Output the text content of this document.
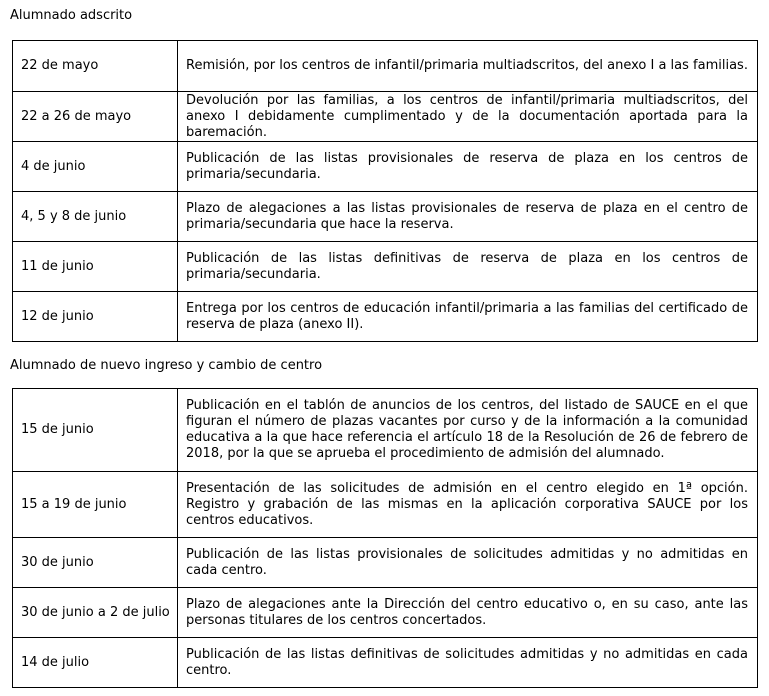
Alumnado adscrito
22 de mayo	Remisión, por los centros de infantil/primaria multiadscritos, del anexo I a las familias.
22 a 26 de mayo	Devolución por las familias, a los centros de infantil/primaria multiadscritos, del anexo I debidamente cumplimentado y de la documentación aportada para la baremación.
4 de junio	Publicación de las listas provisionales de reserva de plaza en los centros de primaria/secundaria.
4, 5 y 8 de junio	Plazo de alegaciones a las listas provisionales de reserva de plaza en el centro de primaria/secundaria que hace la reserva.
11 de junio	Publicación de las listas definitivas de reserva de plaza en los centros de primaria/secundaria.
12 de junio	Entrega por los centros de educación infantil/primaria a las familias del certificado de reserva de plaza (anexo II).
Alumnado de nuevo ingreso y cambio de centro
15 de junio	Publicación en el tablón de anuncios de los centros, del listado de SAUCE en el que figuran el número de plazas vacantes por curso y de la información a la comunidad educativa a la que hace referencia el artículo 18 de la Resolución de 26 de febrero de 2018, por la que se aprueba el procedimiento de admisión del alumnado.
15 a 19 de junio	Presentación de las solicitudes de admisión en el centro elegido en 1ª opción. Registro y grabación de las mismas en la aplicación corporativa SAUCE por los centros educativos.
30 de junio	Publicación de las listas provisionales de solicitudes admitidas y no admitidas en cada centro.
30 de junio a 2 de julio	Plazo de alegaciones ante la Dirección del centro educativo o, en su caso, ante las personas titulares de los centros concertados.
14 de julio	Publicación de las listas definitivas de solicitudes admitidas y no admitidas en cada centro.
